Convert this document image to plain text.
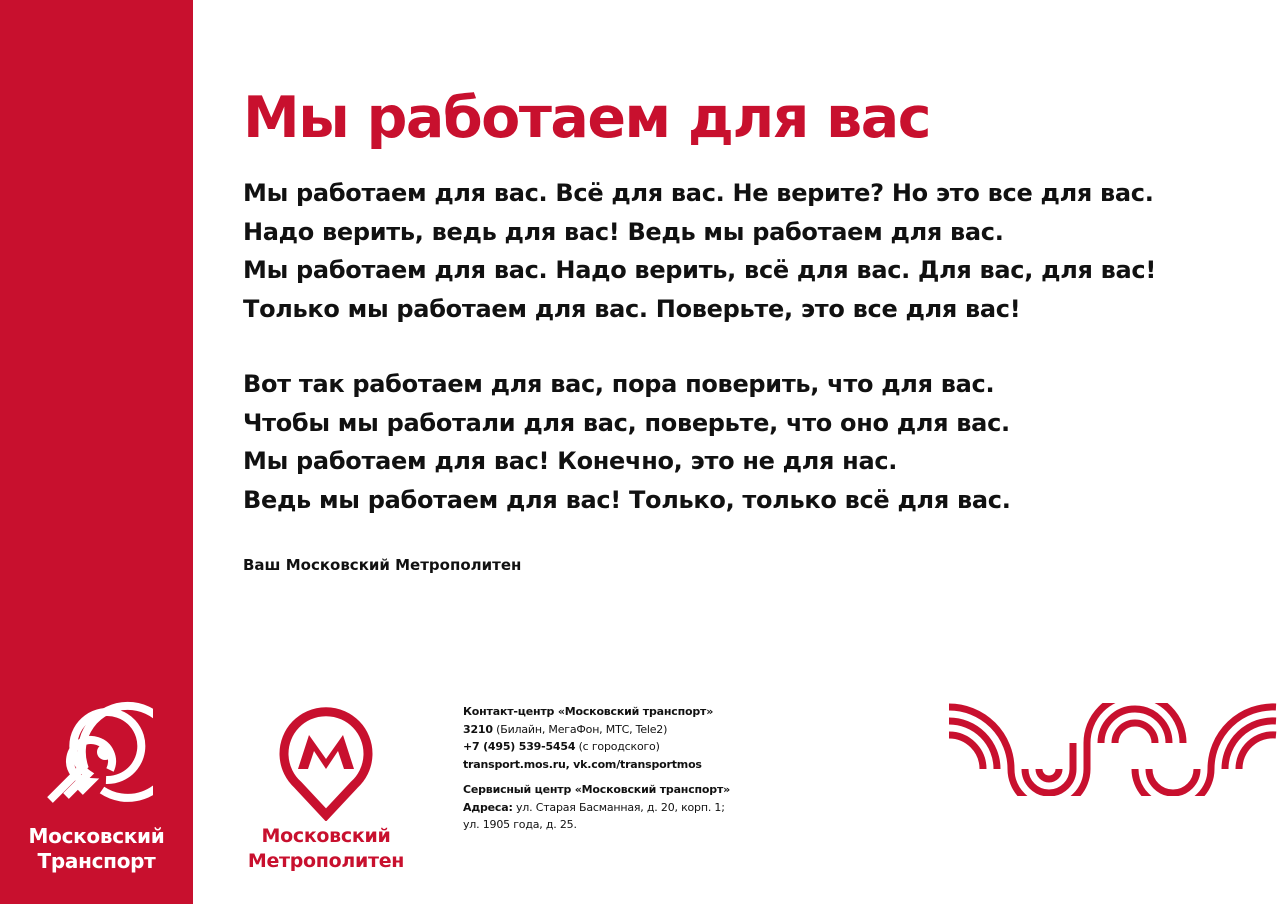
Московский
Транспорт
Мы работаем для вас
Мы работаем для вас. Всё для вас. Не верите? Но это все для вас.
Надо верить, ведь для вас! Ведь мы работаем для вас.
Мы работаем для вас. Надо верить, всё для вас. Для вас, для вас!
Только мы работаем для вас. Поверьте, это все для вас!
Вот так работаем для вас, пора поверить, что для вас.
Чтобы мы работали для вас, поверьте, что оно для вас.
Мы работаем для вас! Конечно, это не для нас.
Ведь мы работаем для вас! Только, только всё для вас.
Ваш Московский Метрополитен
Московский
Метрополитен
Контакт-центр «Московский транспорт»
3210 (Билайн, МегаФон, МТС, Tele2)
+7 (495) 539-5454 (с городского)
transport.mos.ru, vk.com/transportmos
Сервисный центр «Московский транспорт»
Адреса: ул. Старая Басманная, д. 20, корп. 1;
ул. 1905 года, д. 25.
